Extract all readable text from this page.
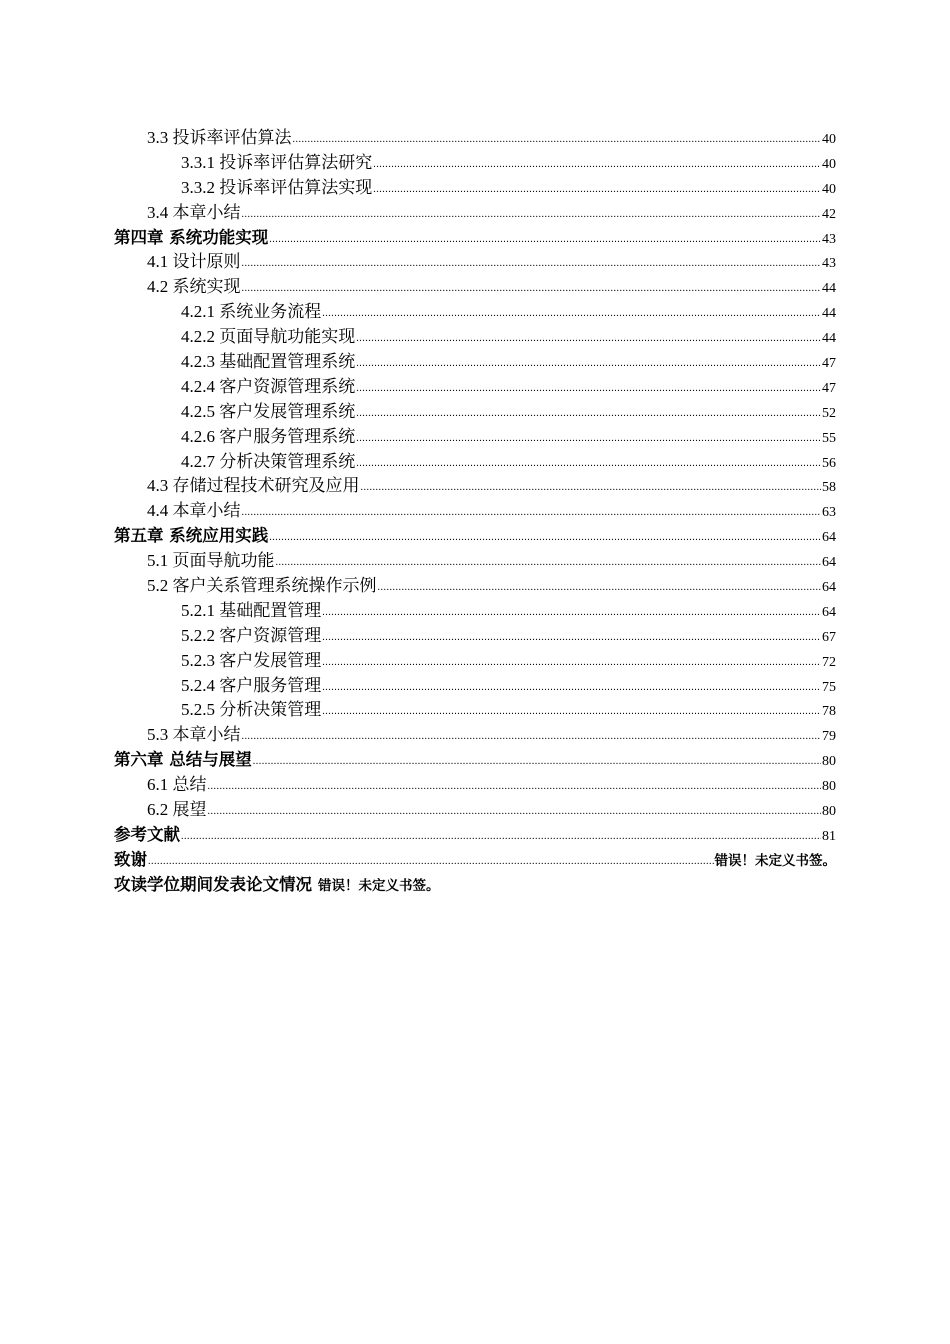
3.3 投诉率评估算法 .....	40
3.3.1 投诉率评估算法研究 .....	40
3.3.2 投诉率评估算法实现 .....	40
3.4 本章小结 .....	42
第四章 系统功能实现 .....	43
4.1 设计原则 .....	43
4.2 系统实现 .....	44
4.2.1 系统业务流程 .....	44
4.2.2 页面导航功能实现 .....	44
4.2.3 基础配置管理系统 .....	47
4.2.4 客户资源管理系统 .....	47
4.2.5 客户发展管理系统 .....	52
4.2.6 客户服务管理系统 .....	55
4.2.7 分析决策管理系统 .....	56
4.3 存储过程技术研究及应用 .....	58
4.4 本章小结 .....	63
第五章 系统应用实践 .....	64
5.1 页面导航功能 .....	64
5.2 客户关系管理系统操作示例 .....	64
5.2.1 基础配置管理 .....	64
5.2.2 客户资源管理 .....	67
5.2.3 客户发展管理 .....	72
5.2.4 客户服务管理 .....	75
5.2.5 分析决策管理 .....	78
5.3 本章小结 .....	79
第六章 总结与展望 .....	80
6.1 总结 .....	80
6.2 展望 .....	80
参考文献 .....	81
致谢 .....	错误！未定义书签。
攻读学位期间发表论文情况 错误！未定义书签。
